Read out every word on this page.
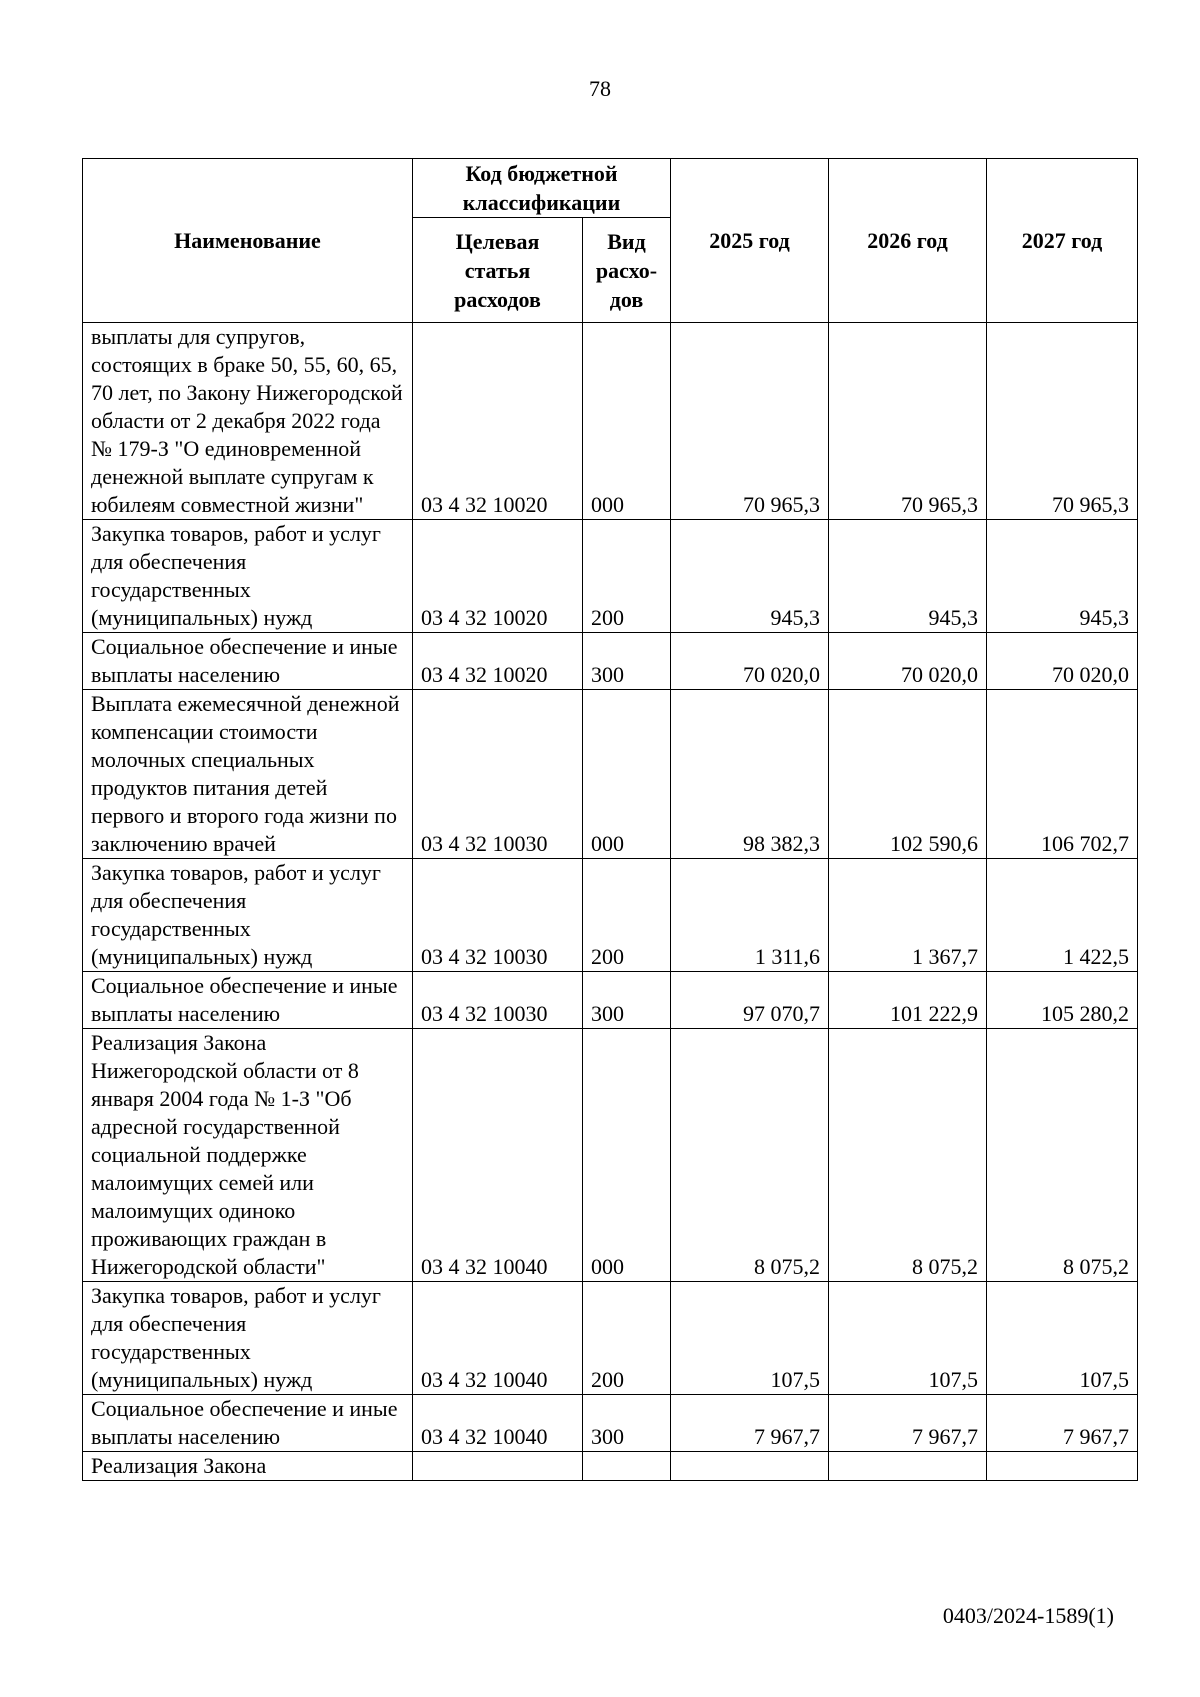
78
Наименование	Код бюджетной классификации		2025 год	2026 год	2027 год
	Целевая статья расходов	Вид расхо-дов			
выплаты для супругов, состоящих в браке 50, 55, 60, 65, 70 лет, по Закону Нижегородской области от 2 декабря 2022 года № 179-З "О единовременной денежной выплате супругам к юбилеям совместной жизни"	03 4 32 10020	000	70 965,3	70 965,3	70 965,3
Закупка товаров, работ и услуг для обеспечения государственных (муниципальных) нужд	03 4 32 10020	200	945,3	945,3	945,3
Социальное обеспечение и иные выплаты населению	03 4 32 10020	300	70 020,0	70 020,0	70 020,0
Выплата ежемесячной денежной компенсации стоимости молочных специальных продуктов питания детей первого и второго года жизни по заключению врачей	03 4 32 10030	000	98 382,3	102 590,6	106 702,7
Закупка товаров, работ и услуг для обеспечения государственных (муниципальных) нужд	03 4 32 10030	200	1 311,6	1 367,7	1 422,5
Социальное обеспечение и иные выплаты населению	03 4 32 10030	300	97 070,7	101 222,9	105 280,2
Реализация Закона Нижегородской области от 8 января 2004 года № 1-З "Об адресной государственной социальной поддержке малоимущих семей или малоимущих одиноко проживающих граждан в Нижегородской области"	03 4 32 10040	000	8 075,2	8 075,2	8 075,2
Закупка товаров, работ и услуг для обеспечения государственных (муниципальных) нужд	03 4 32 10040	200	107,5	107,5	107,5
Социальное обеспечение и иные выплаты населению	03 4 32 10040	300	7 967,7	7 967,7	7 967,7
Реализация Закона					
0403/2024-1589(1)
